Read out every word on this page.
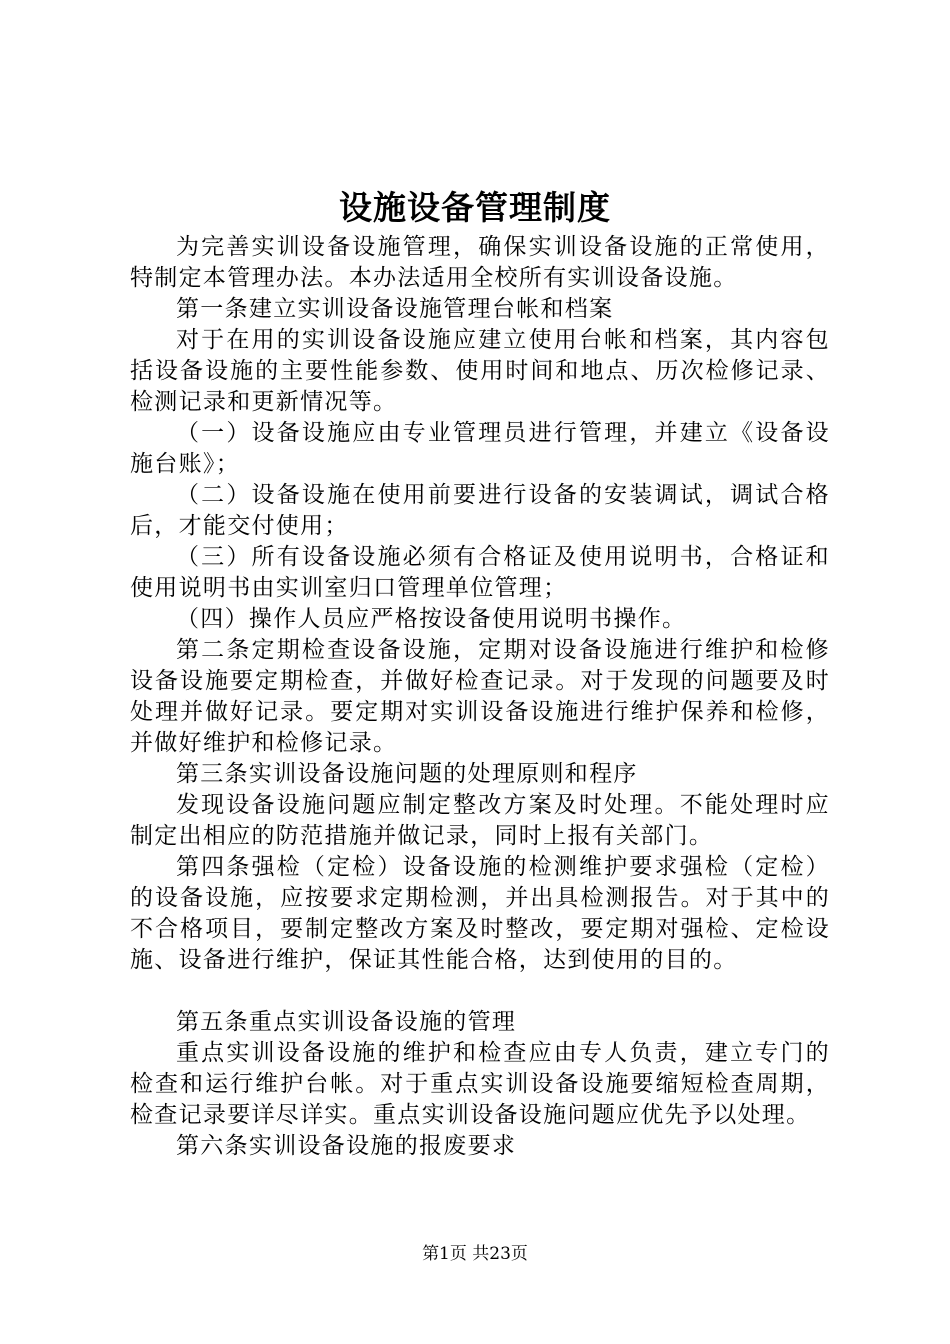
设施设备管理制度

为完善实训设备设施管理，确保实训设备设施的正常使用，特制定本管理办法。本办法适用全校所有实训设备设施。

第一条建立实训设备设施管理台帐和档案

对于在用的实训设备设施应建立使用台帐和档案，其内容包括设备设施的主要性能参数、使用时间和地点、历次检修记录、检测记录和更新情况等。

（一）设备设施应由专业管理员进行管理，并建立《设备设施台账》；

（二）设备设施在使用前要进行设备的安装调试，调试合格后，才能交付使用；

（三）所有设备设施必须有合格证及使用说明书，合格证和使用说明书由实训室归口管理单位管理；

（四）操作人员应严格按设备使用说明书操作。

第二条定期检查设备设施，定期对设备设施进行维护和检修设备设施要定期检查，并做好检查记录。对于发现的问题要及时处理并做好记录。要定期对实训设备设施进行维护保养和检修，并做好维护和检修记录。

第三条实训设备设施问题的处理原则和程序

发现设备设施问题应制定整改方案及时处理。不能处理时应制定出相应的防范措施并做记录，同时上报有关部门。

第四条强检（定检）设备设施的检测维护要求强检（定检）的设备设施，应按要求定期检测，并出具检测报告。对于其中的不合格项目，要制定整改方案及时整改，要定期对强检、定检设施、设备进行维护，保证其性能合格，达到使用的目的。

第五条重点实训设备设施的管理

重点实训设备设施的维护和检查应由专人负责，建立专门的检查和运行维护台帐。对于重点实训设备设施要缩短检查周期，检查记录要详尽详实。重点实训设备设施问题应优先予以处理。

第六条实训设备设施的报废要求

第1页 共23页
